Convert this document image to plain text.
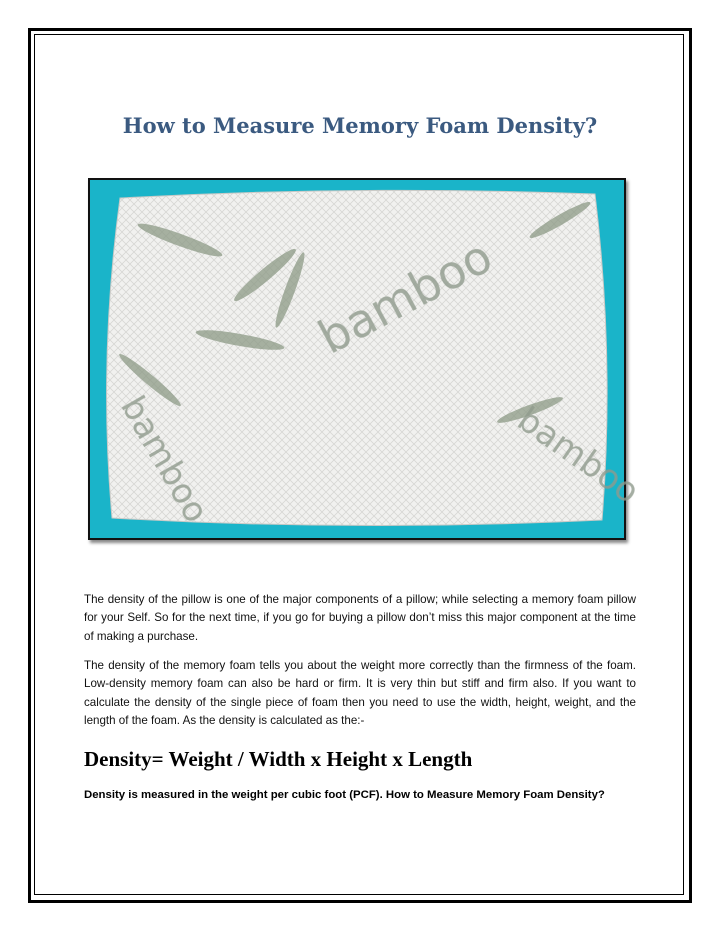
How to Measure Memory Foam Density?
bamboo
bamboo
bamboo

The density of the pillow is one of the major components of a pillow; while selecting a memory foam pillow for your Self. So for the next time, if you go for buying a pillow don’t miss this major component at the time of making a purchase.

The density of the memory foam tells you about the weight more correctly than the firmness of the foam. Low-density memory foam can also be hard or firm. It is very thin but stiff and firm also. If you want to calculate the density of the single piece of foam then you need to use the width, height, weight, and the length of the foam. As the density is calculated as the:-

Density= Weight / Width x Height x Length
Density is measured in the weight per cubic foot (PCF). How to Measure Memory Foam Density?
